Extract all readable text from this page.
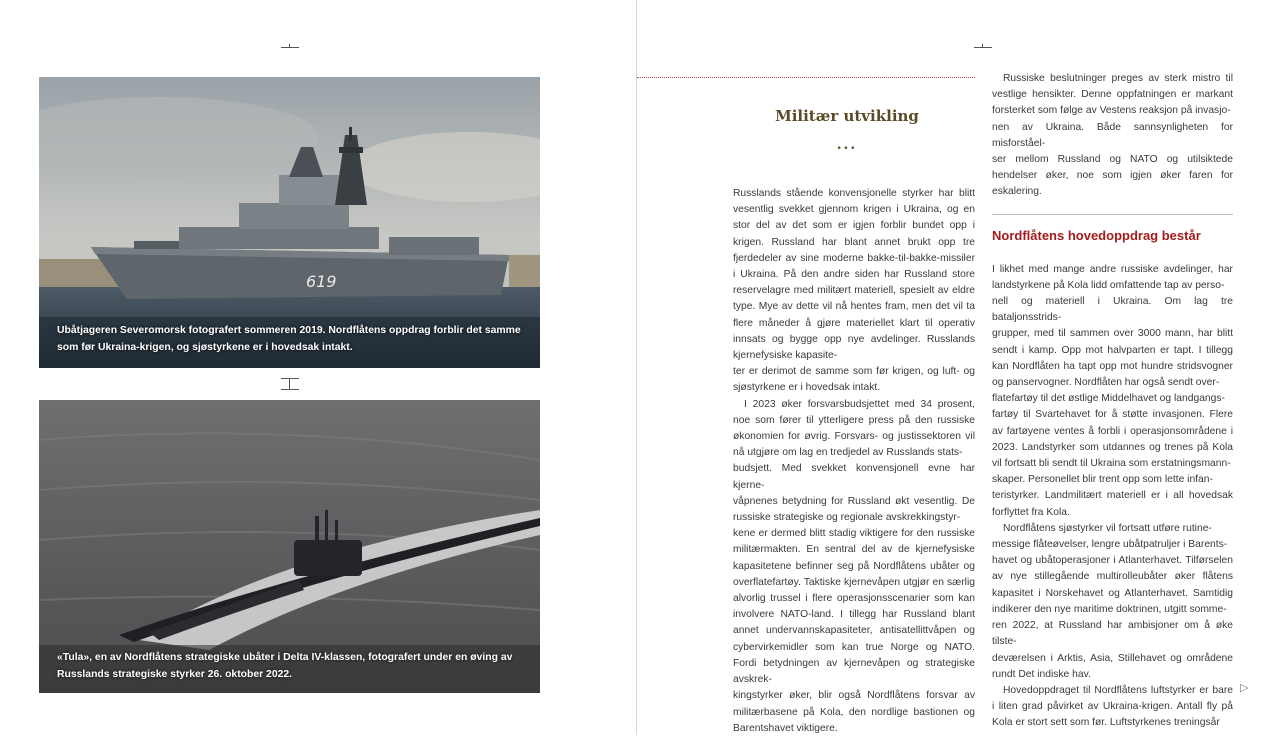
619
Ubåtjageren Severomorsk fotografert sommeren 2019. Nordflåtens oppdrag forblir det samme som før Ukraina-krigen, og sjøstyrkene er i hovedsak intakt.
«Tula», en av Nordflåtens strategiske ubåter i Delta IV-klassen, fotografert under en øving av Russlands strategiske styrker 26. oktober 2022.
Militær utvikling
...

Russlands stående konvensjonelle styrker har blitt vesentlig svekket gjennom krigen i Ukraina, og en stor del av det som er igjen forblir bundet opp i krigen. Russland har blant annet brukt opp tre fjerdedeler av sine moderne bakke-til-bakke-missiler i Ukraina. På den andre siden har Russland store reservelagre med militært materiell, spesielt av eldre type. Mye av dette vil nå hentes fram, men det vil ta flere måneder å gjøre materiellet klart til operativ innsats og bygge opp nye avdelinger. Russlands kjernefysiske kapasite-
ter er derimot de samme som før krigen, og luft- og sjøstyrkene er i hovedsak intakt.

I 2023 øker forsvarsbudsjettet med 34 prosent, noe som fører til ytterligere press på den russiske økonomien for øvrig. Forsvars- og justissektoren vil nå utgjøre om lag en tredjedel av Russlands stats-
budsjett. Med svekket konvensjonell evne har kjerne-
våpnenes betydning for Russland økt vesentlig. De russiske strategiske og regionale avskrekkingstyr-
kene er dermed blitt stadig viktigere for den russiske militærmakten. En sentral del av de kjernefysiske kapasitetene befinner seg på Nordflåtens ubåter og overflatefartøy. Taktiske kjernevåpen utgjør en særlig alvorlig trussel i flere operasjonsscenarier som kan involvere NATO-land. I tillegg har Russland blant annet undervannskapasiteter, antisatellittvåpen og cybervirkemidler som kan true Norge og NATO. Fordi betydningen av kjernevåpen og strategiske avskrek-
kingstyrker øker, blir også Nordflåtens forsvar av militærbasene på Kola, den nordlige bastionen og Barentshavet viktigere.

Russiske beslutninger preges av sterk mistro til vestlige hensikter. Denne oppfatningen er markant forsterket som følge av Vestens reaksjon på invasjo-
nen av Ukraina. Både sannsynligheten for misforståel-
ser mellom Russland og NATO og utilsiktede hendelser øker, noe som igjen øker faren for eskalering.

Nordflåtens hovedoppdrag består

I likhet med mange andre russiske avdelinger, har landstyrkene på Kola lidd omfattende tap av perso-
nell og materiell i Ukraina. Om lag tre bataljonsstrids-
grupper, med til sammen over 3000 mann, har blitt sendt i kamp. Opp mot halvparten er tapt. I tillegg kan Nordflåten ha tapt opp mot hundre stridsvogner og panservogner. Nordflåten har også sendt over-
flatefartøy til det østlige Middelhavet og landgangs-
fartøy til Svartehavet for å støtte invasjonen. Flere av fartøyene ventes å forbli i operasjonsområdene i 2023. Landstyrker som utdannes og trenes på Kola vil fortsatt bli sendt til Ukraina som erstatningsmann-
skaper. Personellet blir trent opp som lette infan-
teristyrker. Landmilitært materiell er i all hovedsak forflyttet fra Kola.

Nordflåtens sjøstyrker vil fortsatt utføre rutine-
messige flåteøvelser, lengre ubåtpatruljer i Barents-
havet og ubåtoperasjoner i Atlanterhavet. Tilførselen av nye stillegående multirolleubåter øker flåtens kapasitet i Norskehavet og Atlanterhavet. Samtidig indikerer den nye maritime doktrinen, utgitt somme-
ren 2022, at Russland har ambisjoner om å øke tilste-
deværelsen i Arktis, Asia, Stillehavet og områdene rundt Det indiske hav.

Hovedoppdraget til Nordflåtens luftstyrker er bare i liten grad påvirket av Ukraina-krigen. Antall fly på Kola er stort sett som før. Luftstyrkenes treningsår

▷
